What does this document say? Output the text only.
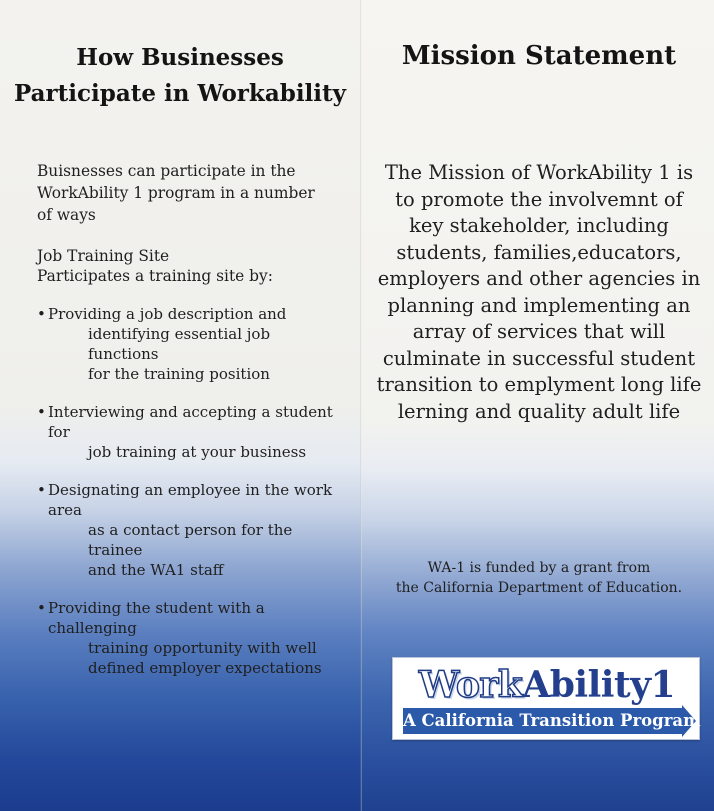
How Businesses
Participate in Workability
Buisnesses can participate in the
WorkAbility 1 program in a number
of ways
Job Training Site
Participates a training site by:
• Providing a job description and
identifying essential job functions
for the training position
• Interviewing and accepting a student for
job training at your business
• Designating an employee in the work area
as a contact person for the trainee
and the WA1 staff
• Providing the student with a challenging
training opportunity with well
defined employer expectations
Mission Statement
The Mission of WorkAbility 1 is
to promote the involvemnt of
key stakeholder, including
students, families,educators,
employers and other agencies in
planning and implementing an
array of services that will
culminate in successful student
transition to emplyment long life
lerning and quality adult life
WA-1 is funded by a grant from
the California Department of Education.
WorkAbility1
A California Transition Program
